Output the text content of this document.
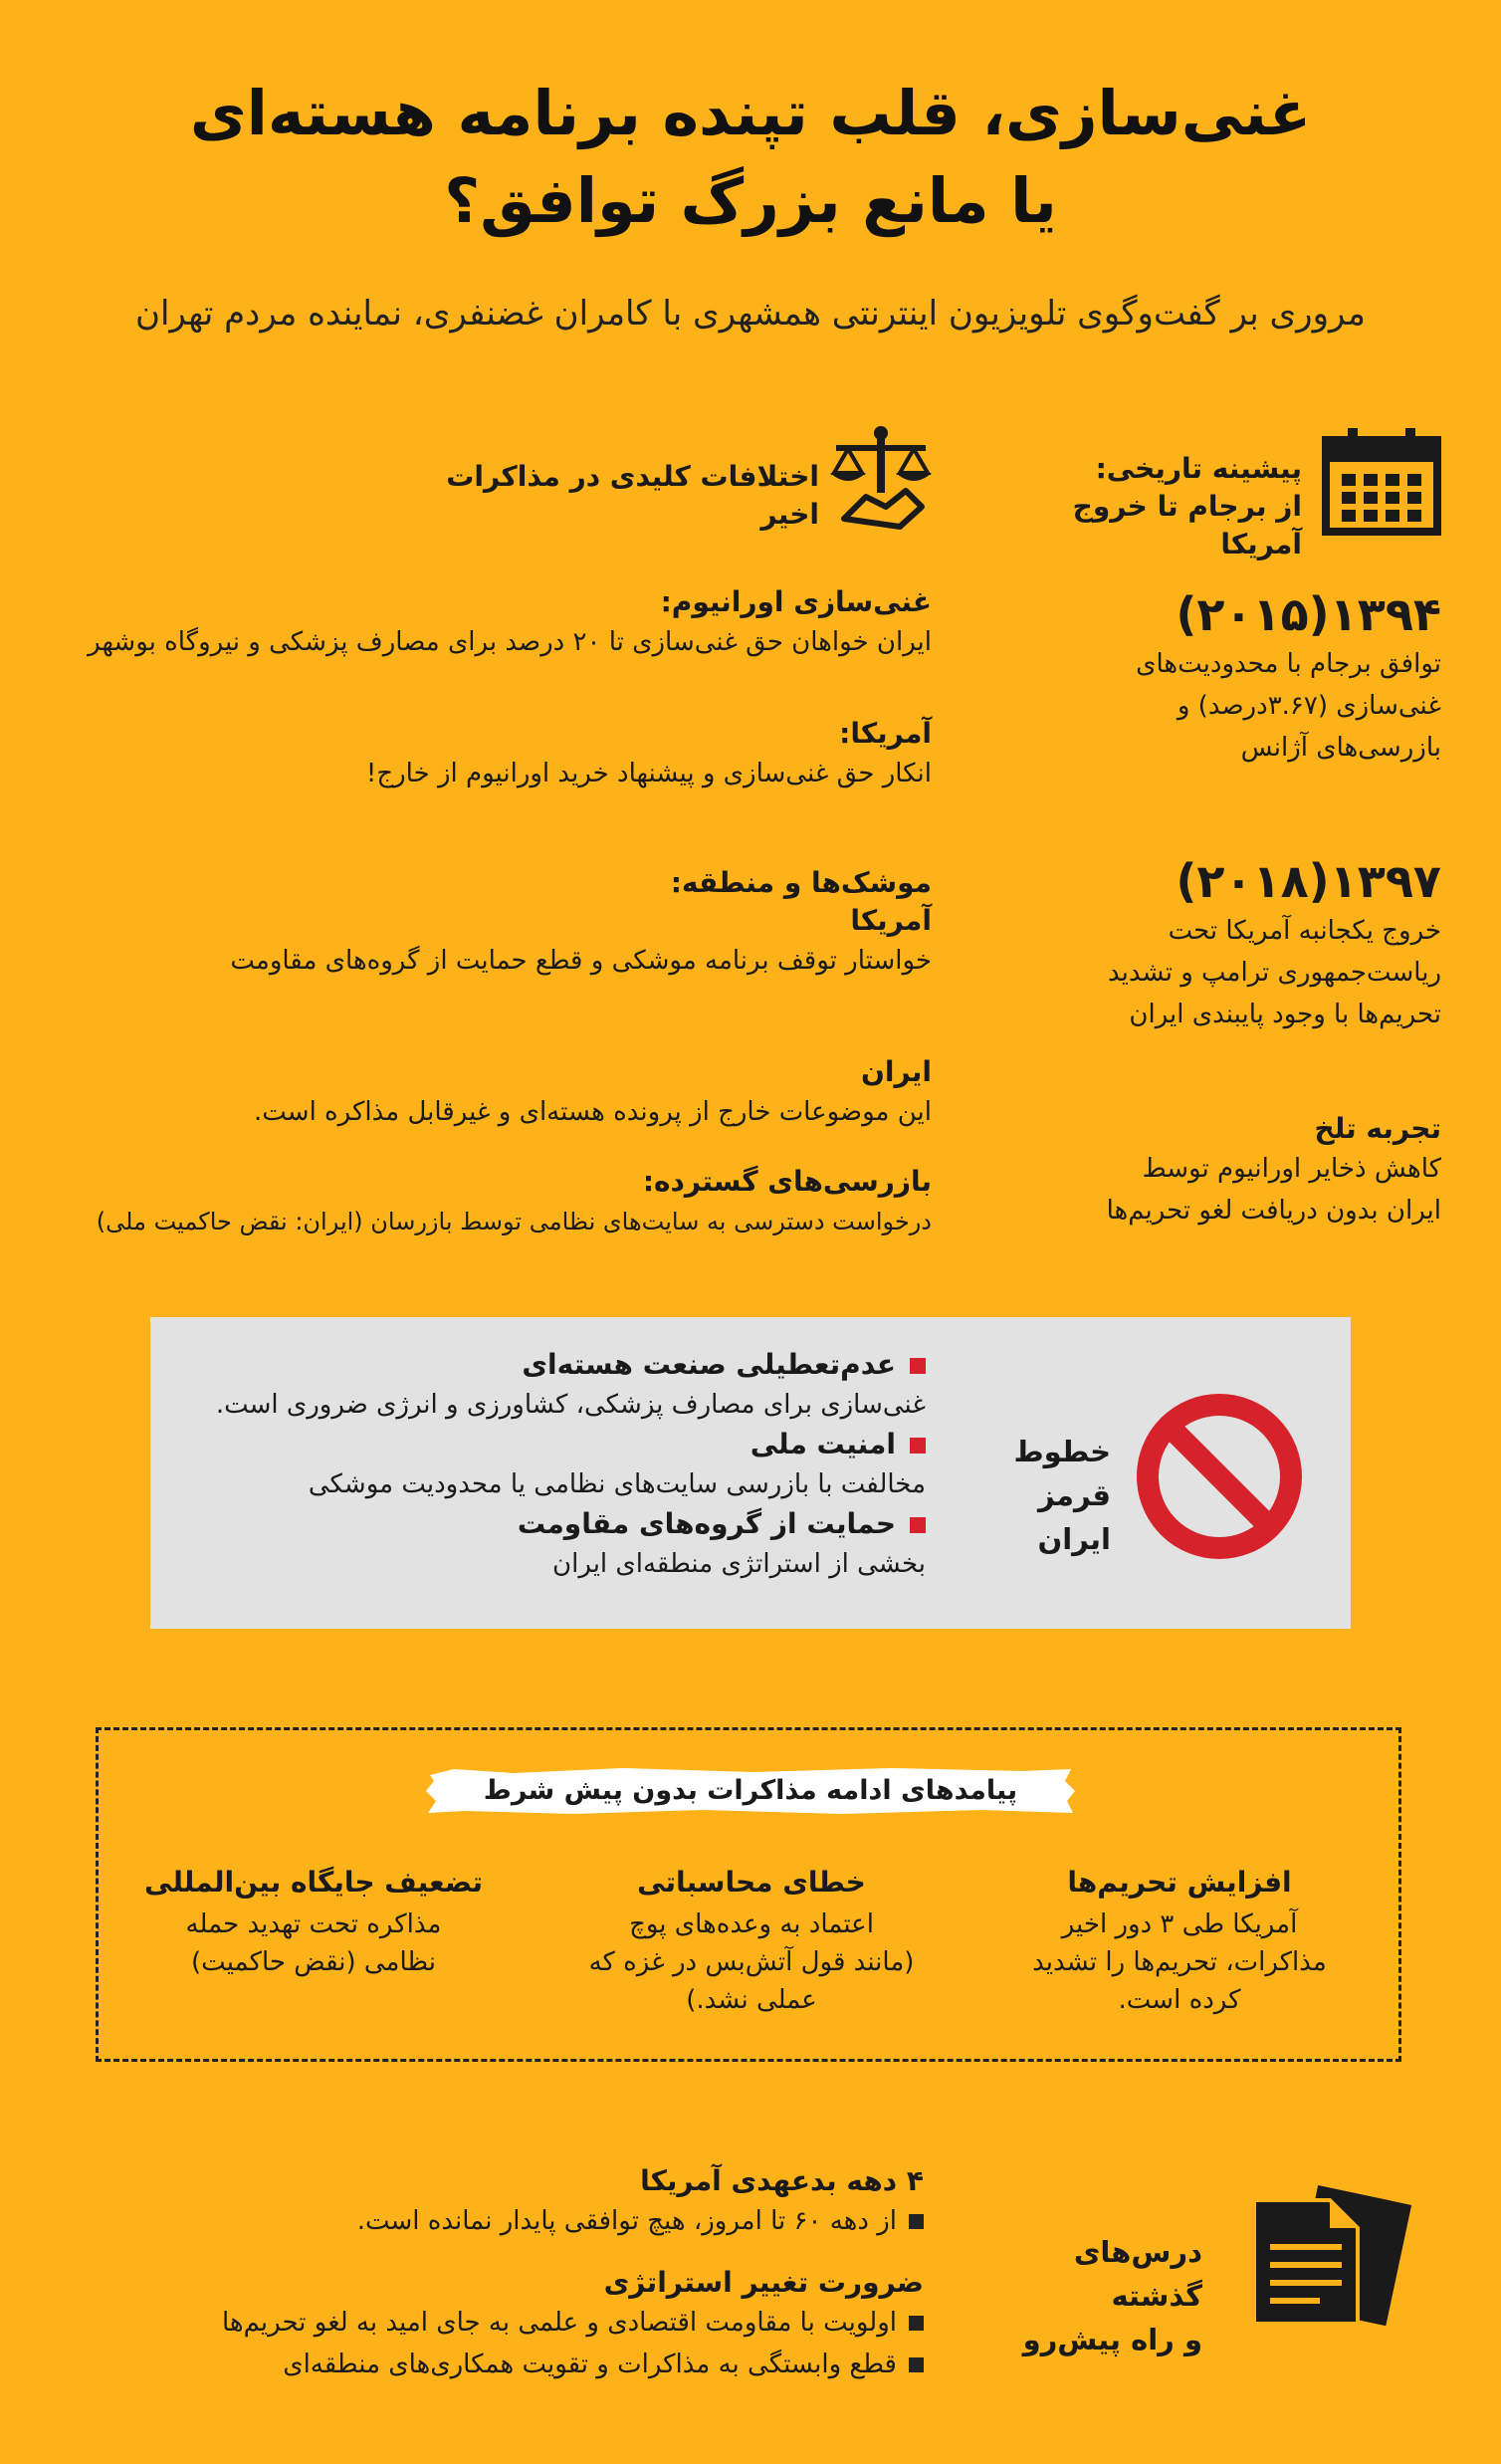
غنی‌سازی، قلب تپنده برنامه هسته‌ای
یا مانع بزرگ توافق؟
مروری بر گفت‌وگوی تلویزیون اینترنتی همشهری با کامران غضنفری، نماینده مردم تهران
پیشینه تاریخی:
از برجام تا خروج آمریکا
۱۳۹۴(۲۰۱۵)
توافق برجام با محدودیت‌های
غنی‌سازی (۳.۶۷درصد) و
بازرسی‌های آژانس
۱۳۹۷(۲۰۱۸)
خروج یکجانبه آمریکا تحت
ریاست‌جمهوری ترامپ و تشدید
تحریم‌ها با وجود پایبندی ایران
تجربه تلخ
کاهش ذخایر اورانیوم توسط
ایران بدون دریافت لغو تحریم‌ها
اختلافات کلیدی در مذاکرات اخیر
غنی‌سازی اورانیوم:
ایران خواهان حق غنی‌سازی تا ۲۰ درصد برای مصارف پزشکی و نیروگاه بوشهر
آمریکا:
انکار حق غنی‌سازی و پیشنهاد خرید اورانیوم از خارج!
موشک‌ها و منطقه:
آمریکا
خواستار توقف برنامه موشکی و قطع حمایت از گروه‌های مقاومت
ایران
این موضوعات خارج از پرونده هسته‌ای و غیرقابل مذاکره است.
بازرسی‌های گسترده:
درخواست دسترسی به سایت‌های نظامی توسط بازرسان (ایران: نقض حاکمیت ملی)
خطوط قرمز
ایران
عدم‌تعطیلی صنعت هسته‌ای
غنی‌سازی برای مصارف پزشکی، کشاورزی و انرژی ضروری است.
امنیت ملی
مخالفت با بازرسی سایت‌های نظامی یا محدودیت موشکی
حمایت از گروه‌های مقاومت
بخشی از استراتژی منطقه‌ای ایران
پیامدهای ادامه مذاکرات بدون پیش شرط
افزایش تحریم‌ها
آمریکا طی ۳ دور اخیر
مذاکرات، تحریم‌ها را تشدید
کرده است.
خطای محاسباتی
اعتماد به وعده‌های پوچ
(مانند قول آتش‌بس در غزه که
عملی نشد.)
تضعیف جایگاه بین‌المللی
مذاکره تحت تهدید حمله
نظامی (نقض حاکمیت)
درس‌های گذشته
و راه پیش‌رو
۴ دهه بدعهدی آمریکا
از دهه ۶۰ تا امروز، هیچ توافقی پایدار نمانده است.
ضرورت تغییر استراتژی
اولویت با مقاومت اقتصادی و علمی به جای امید به لغو تحریم‌ها
قطع وابستگی به مذاکرات و تقویت همکاری‌های منطقه‌ای
